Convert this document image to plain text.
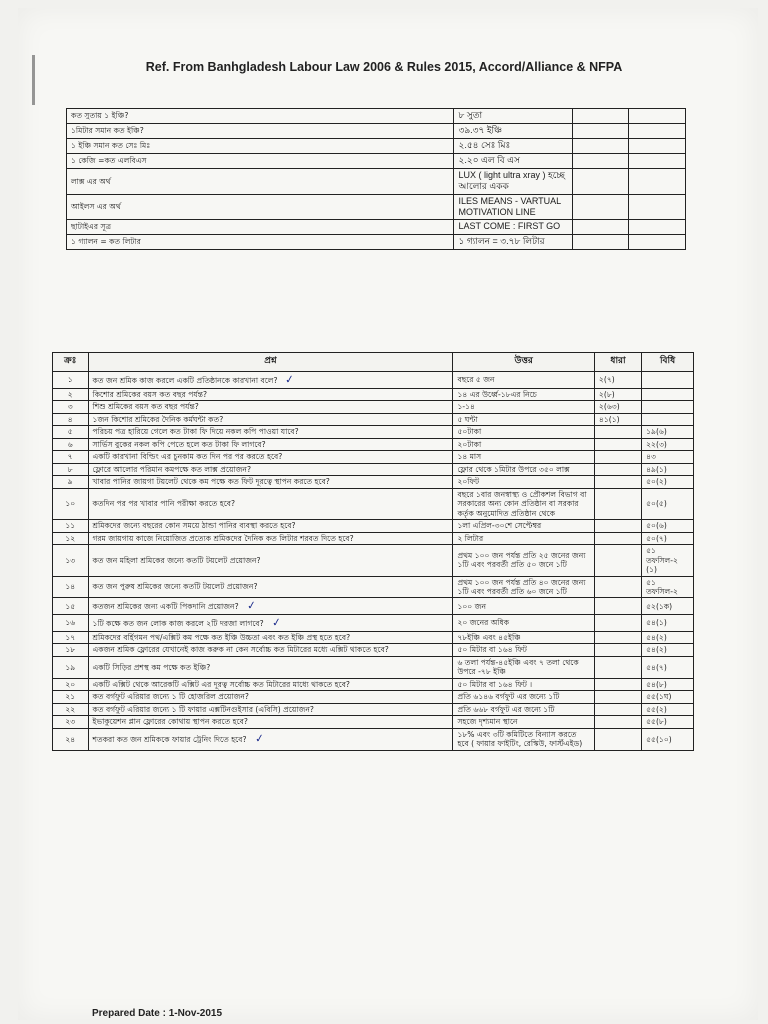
Ref. From Banhgladesh Labour Law 2006 & Rules 2015, Accord/Alliance & NFPA
কত সুতায় ১ ইঞ্চি?	৮ সুতা		
১মিটার সমান কত ইঞ্চি?	৩৯.৩৭ ইঞ্চি		
১ ইঞ্চি সমান কত সেঃ মিঃ	২.৫৪ সেঃ মিঃ		
১ কেজি =কত এলবিএস	২.২০ এল বি এস		
লাক্স এর অর্থ	LUX ( light ultra xray ) হচ্ছে আলোর একক		
আইলস এর অর্থ	ILES MEANS - VARTUAL MOTIVATION LINE		
ছাটাইএর সূত্র	LAST COME : FIRST GO		
১ গ্যালন = কত লিটার	১ গ্যালন = ৩.৭৮ লিটার		
ক্রঃ	প্রশ্ন	উত্তর	ধারা	বিধি
১	কত জন শ্রমিক কাজ করলে একটি প্রতিষ্ঠানকে কারখানা বলে? ✓	বছরে ৫ জন	২(৭)	
২	কিশোর শ্রমিকের বয়স কত বছর পর্যন্ত?	১৪ এর উর্ধ্বে-১৮এর নিচে	২(৮)	
৩	শিশু শ্রমিকের বয়স কত বছর পর্যন্ত?	১-১৪	২(৬৩)	
৪	১জন কিশোর শ্রমিকের দৈনিক কর্মঘন্টা কত?	৫ ঘন্টা	৪১(১)	
৫	পরিচয় পত্র হারিয়ে গেলে কত টাকা ফি দিয়ে নকল কপি পাওয়া যাবে?	৫০টাকা		১৯(৬)
৬	সার্ভিস বুকের নকল কপি পেতে হলে কত টাকা ফি লাগবে?	২০টাকা		২২(৩)
৭	একটি কারখানা বিল্ডিং এর চুনকাম কত দিন পর পর করতে হবে?	১৪ মাস		৪৩
৮	ফ্লোরে আলোর পরিমান কমপক্ষে কত লাক্স প্রয়োজন?	ফ্লোর থেকে ১মিটার উপরে ৩৫০ লাক্স		৪৯(১)
৯	খাবার পানির জায়গা টয়লেট থেকে কম পক্ষে কত ফিট দূরত্বে স্থাপন করতে হবে?	২০ফিট		৫০(২)
১০	কতদিন পর পর খাবার পানি পরীক্ষা করতে হবে?	বছরে ১বার জনস্বাস্থ্য ও প্রৌকশল বিভাগ বা সরকারের অন্য কোন প্রতিষ্ঠান বা সরকার কর্তৃক অনুমোদিত প্রতিষ্ঠান থেকে		৫০(৫)
১১	শ্রমিকদের জন্যে বছরের কোন সময়ে ঠান্ডা পানির ব্যবস্থা করতে হবে?	১লা এপ্রিল-৩০শে সেপ্টেম্বর		৫০(৬)
১২	গরম জায়গায় কাজে নিয়োজিত প্রত্যেক শ্রমিকদের দৈনিক কত লিটার শরবত দিতে হবে?	২ লিটার		৫০(৭)
১৩	কত জন মহিলা শ্রমিকের জন্যে কতটি টয়লেট প্রয়োজন?	প্রথম ১০০ জন পর্যন্ত প্রতি ২৫ জনের জন্য ১টি এবং পরবর্তী প্রতি ৫০ জনে ১টি		৫১ তফসিল-২ (১)
১৪	কত জন পুরুষ শ্রমিকের জন্যে কতটি টয়লেট প্রয়োজন?	প্রথম ১০০ জন পর্যন্ত প্রতি ৪০ জনের জন্য ১টি এবং পরবর্তী প্রতি ৬০ জনে ১টি		৫১ তফসিল-২
১৫	কতজন শ্রমিকের জন্য একটি পিকদানি প্রয়োজন? ✓	১০০ জন		৫২(১ক)
১৬	১টি কক্ষে কত জন লোক কাজ করলে ২টি দরজা লাগবে? ✓	২০ জনের অধিক		৫৪(১)
১৭	শ্রমিকদের বর্হিগমন পথ/এক্সিট কম পক্ষে কত ইঞ্চি উচ্চতা এবং কত ইঞ্চি প্রস্থ হতে হবে?	৭৮ইঞ্চি এবং ৪৫ইঞ্চি		৫৪(২)
১৮	একজন শ্রমিক ফ্লোরের যেখানেই কাজ করুক না কেন সর্বোচ্চ কত মিটারের মধ্যে এক্সিট থাকতে হবে?	৫০ মিটার বা ১৬৪ ফিট		৫৪(২)
১৯	একটি সিড়ির প্রশস্থ কম পক্ষে কত ইঞ্চি?	৬ তলা পর্যন্ত-৪৫ইঞ্চি এবং ৭ তলা থেকে উপরে -৭৮ ইঞ্চি		৫৪(৭)
২০	একটি এক্সিট থেকে আরেকটি এক্সিট এর দূরত্ব সর্বোচ্চ কত মিটারের মাধ্যে থাকতে হবে?	৫০ মিটার বা ১৬৪ ফিট ।		৫৪(৮)
২১	কত বর্গফুট এরিয়ার জন্যে ১ টি হোজরিল প্রয়োজন?	প্রতি ৬১৪৬ বর্গফুট এর জন্যে ১টি		৫৫(১ঘ)
২২	কত বর্গফুট এরিয়ার জন্যে ১ টি ফায়ার এক্সটিনগুইসার (এবিসি) প্রয়োজন?	প্রতি ৬৬৮ বর্গফুট এর জন্যে ১টি		৫৫(২)
২৩	ইভাকুয়েশন প্লান ফ্লোরের কোথায় স্থাপন করতে হবে?	সহজে দৃশ্যমান স্থানে		৫৫(৮)
২৪	শতকরা কত জন শ্রমিককে ফায়ার ট্রেনিং দিতে হবে? ✓	১৮% এবং ৩টি কমিটিতে বিন্যাস করতে হবে ( ফায়ার ফাইটিং, রেস্কিউ, ফার্স্টএইড)		৫৫(১০)
Prepared Date : 1-Nov-2015
